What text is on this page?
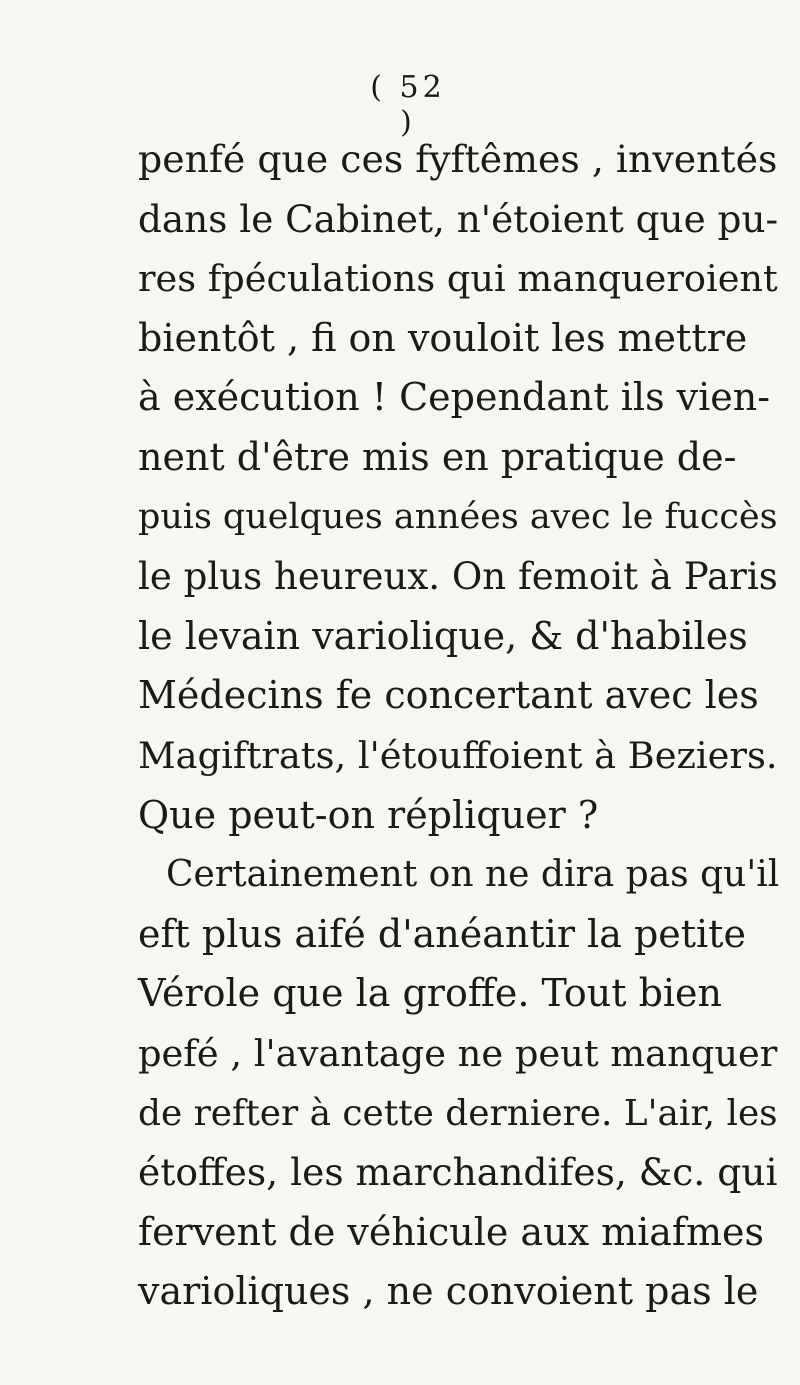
( 52 )
penfé que ces fyftêmes , inventés
dans le Cabinet, n'étoient que pu-
res fpéculations qui manqueroient
bientôt , fi on vouloit les mettre
à exécution ! Cependant ils vien-
nent d'être mis en pratique de-
puis quelques années avec le fuccès
le plus heureux. On femoit à Paris
le levain variolique, & d'habiles
Médecins fe concertant avec les
Magiftrats, l'étouffoient à Beziers.
Que peut-on répliquer ?
Certainement on ne dira pas qu'il
eft plus aifé d'anéantir la petite
Vérole que la groffe. Tout bien
pefé , l'avantage ne peut manquer
de refter à cette derniere. L'air, les
étoffes, les marchandifes, &c. qui
fervent de véhicule aux miafmes
varioliques , ne convoient pas le
